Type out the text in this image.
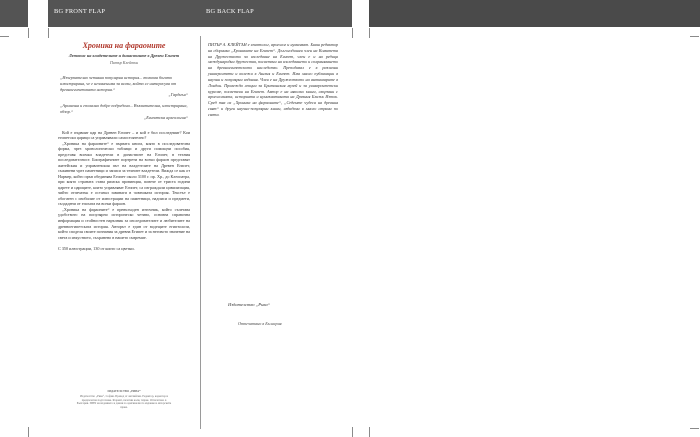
BG FRONT FLAP	BG BACK FLAP
Хроника на фараоните
Летопис на владетелите и династиите в Древен Египет
Питър Клейтън
„Изчерпателно четивна популярна история... толкова богато илюстрирана, че е незаменима за всеки, който се интересува от древноегипетската история.“
„Гардиън“
„Архаична и епохално добре подредена... Възхитителна, илюстрирана, обзор.“
„Египетска археология“

Кой е първият цар на Древен Египет – и кой е бил последният? Кои египетски царици са управлявали самостоятелно?

„Хроника на фараоните“ е първата книга, която в последователна форма, чрез хронологически таблици и други помощни пособия, представя всички владетели в династиите на Египет, в техния последователност. Биографичните портрети на всеки фараон представят житейския и управленския път на владетелите на Древен Египет, съживени чрез паметници и записи за техните владетели. Вижда се как от Нармер, който пръв обединява Египет около 3100 г. пр. Хр., до Клеопатра, при която страната става римска провинция, повече от триста години царете и цариците, които управляват Египет, са изграждали цивилизация, чийто отпечатък е останал завинаги в човешката история. Текстът е обогатен с изобилие от илюстрации на паметници, надписи и предмети, създадени от епохата на всеки фараон.

„Хроника на фараоните“ е превъзходен източник, който съчетава удобството на популярно историческо четиво, основна справочна информация и стойностен наръчник за изследователите и любителите на древноегипетската история. Авторът е един от водещите египтолози, който споделя своите познания за древна Египет и за неговото значение на света и изкуството, съхранено в нашето съвремие.

С 350 илюстрации, 130 от които са цветни.
ИЗДАТЕЛСТВО „РИВА“
Издателство „Рива“, София. Превод от английски. Редактор, коректор и предпечатна подготовка. Формат, печатни коли, тираж. Отпечатано в България. ISBN на изданието и данни за оригиналното издание и авторските права.
ПИТЪР А. КЛЕЙТЪН е египтолог, археолог и нумизмат. Бивш редактор на сборника „Хрониките на Египет“. Дългогодишен член на Комитета на Дружеството за изследване на Египет, член е и на редица международни дружества, посветени на изследването и съхраняването на древноегипетското наследство. Преподавал е в различни университети и колежи в Англия и Египет. Има много публикации в научни и популярни издания. Член е на Дружеството на антикварите в Лондон. Провежда лекции за Британския музей и за университетски курсове, посветени на Египет. Автор е на няколко книги, свързани с археологията, историята и нумизматиката на Древния Близък Изток. Сред тях са „Хроника на фараоните“, „Седемте чудеса на древния свят“ и други научно-популярни книги, издадени в много страни по света.
Издателство „Рива“
Отпечатано в България
